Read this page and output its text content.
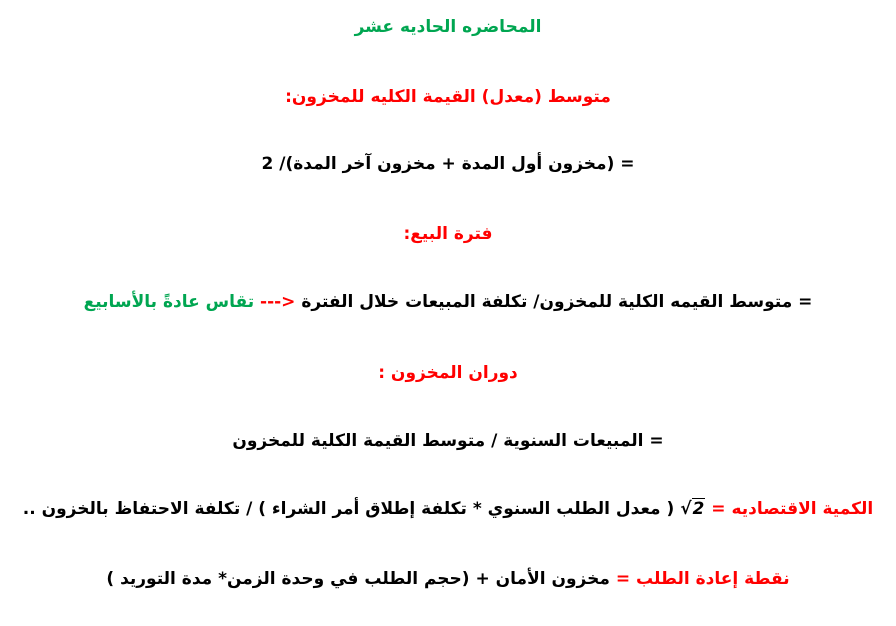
المحاضره الحاديه عشر
متوسط (معدل) القيمة الكليه للمخزون:
= (مخزون أول المدة + مخزون آخر المدة)/ 2
فترة البيع:
= متوسط القيمه الكلية للمخزون/ تكلفة المبيعات خلال الفترة ---> تقاس عادةً بالأسابيع
دوران المخزون :
= المبيعات السنوية / متوسط القيمة الكلية للمخزون
الكمية الاقتصاديه = √2 ( معدل الطلب السنوي * تكلفة إطلاق أمر الشراء ) / تكلفة الاحتفاظ بالخزون ..
نقطة إعادة الطلب = مخزون الأمان + (حجم الطلب في وحدة الزمن* مدة التوريد )
